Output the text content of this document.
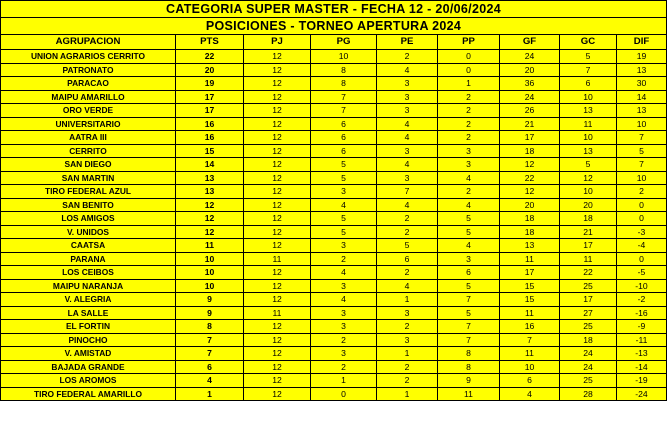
CATEGORIA SUPER MASTER - FECHA 12 - 20/06/2024								
POSICIONES - TORNEO APERTURA 2024								
AGRUPACION	PTS	PJ	PG	PE	PP	GF	GC	DIF
UNION AGRARIOS CERRITO	22	12	10	2	0	24	5	19
PATRONATO	20	12	8	4	0	20	7	13
PARACAO	19	12	8	3	1	36	6	30
MAIPU AMARILLO	17	12	7	3	2	24	10	14
ORO VERDE	17	12	7	3	2	26	13	13
UNIVERSITARIO	16	12	6	4	2	21	11	10
AATRA III	16	12	6	4	2	17	10	7
CERRITO	15	12	6	3	3	18	13	5
SAN DIEGO	14	12	5	4	3	12	5	7
SAN MARTIN	13	12	5	3	4	22	12	10
TIRO FEDERAL AZUL	13	12	3	7	2	12	10	2
SAN BENITO	12	12	4	4	4	20	20	0
LOS AMIGOS	12	12	5	2	5	18	18	0
V. UNIDOS	12	12	5	2	5	18	21	-3
CAATSA	11	12	3	5	4	13	17	-4
PARANA	10	11	2	6	3	11	11	0
LOS CEIBOS	10	12	4	2	6	17	22	-5
MAIPU NARANJA	10	12	3	4	5	15	25	-10
V. ALEGRIA	9	12	4	1	7	15	17	-2
LA SALLE	9	11	3	3	5	11	27	-16
EL FORTIN	8	12	3	2	7	16	25	-9
PINOCHO	7	12	2	3	7	7	18	-11
V. AMISTAD	7	12	3	1	8	11	24	-13
BAJADA GRANDE	6	12	2	2	8	10	24	-14
LOS AROMOS	4	12	1	2	9	6	25	-19
TIRO FEDERAL AMARILLO	1	12	0	1	11	4	28	-24
